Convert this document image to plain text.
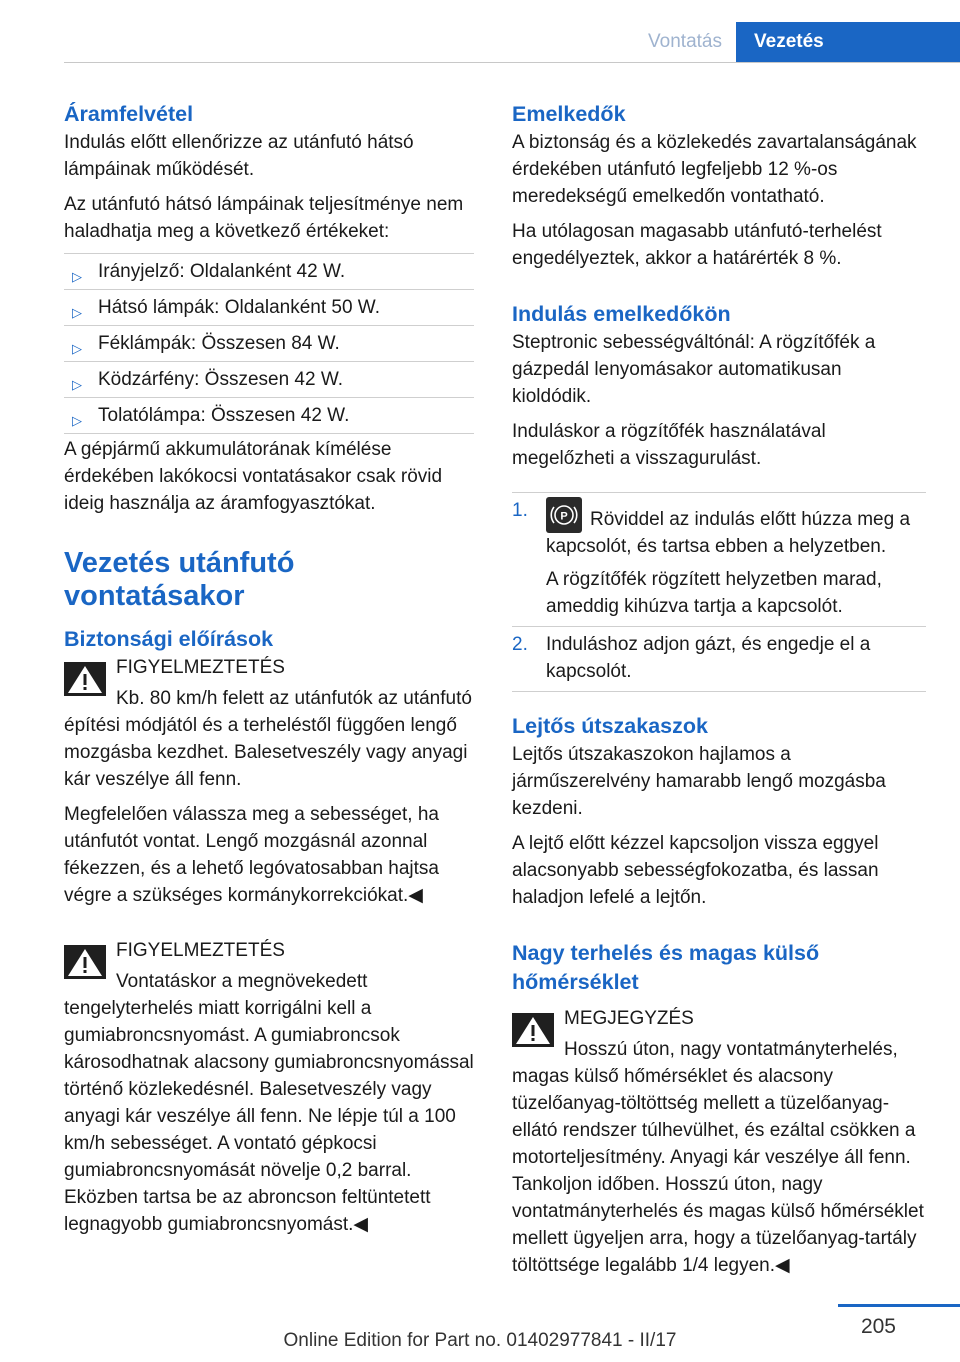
Vontatás	Vezetés
Áramfelvétel

Indulás előtt ellenőrizze az utánfutó hátsó lámpáinak működését.

Az utánfutó hátsó lámpáinak teljesítménye nem haladhatja meg a következő értékeket:

▷ Irányjelző: Oldalanként 42 W.
▷ Hátsó lámpák: Oldalanként 50 W.
▷ Féklámpák: Összesen 84 W.
▷ Ködzárfény: Összesen 42 W.
▷ Tolatólámpa: Összesen 42 W.

A gépjármű akkumulátorának kímélése érdekében lakókocsi vontatásakor csak rövid ideig használja az áramfogyasztókat.

Vezetés utánfutó vontatásakor
Biztonsági előírások

FIGYELMEZTETÉS

Kb. 80 km/h felett az utánfutók az utánfutó építési módjától és a terheléstől függően lengő mozgásba kezdhet. Balesetveszély vagy anyagi kár veszélye áll fenn.

Megfelelően válassza meg a sebességet, ha utánfutót vontat. Lengő mozgásnál azonnal fékezzen, és a lehető legóvatosabban hajtsa végre a szükséges kormánykorrekciókat.◀

FIGYELMEZTETÉS

Vontatáskor a megnövekedett tengelyterhelés miatt korrigálni kell a gumiabroncsnyomást. A gumiabroncsok károsodhatnak alacsony gumiabroncsnyomással történő közlekedésnél. Balesetveszély vagy anyagi kár veszélye áll fenn. Ne lépje túl a 100 km/h sebességet. A vontató gépkocsi gumiabroncsnyomását növelje 0,2 barral. Eközben tartsa be az abroncson feltüntetett legnagyobb gumiabroncsnyomást.◀

Emelkedők

A biztonság és a közlekedés zavartalanságának érdekében utánfutó legfeljebb 12 %-os meredekségű emelkedőn vontatható.

Ha utólagosan magasabb utánfutó-terhelést engedélyeztek, akkor a határérték 8 %.

Indulás emelkedőkön

Steptronic sebességváltónál: A rögzítőfék a gázpedál lenyomásakor automatikusan kioldódik.

Induláskor a rögzítőfék használatával megelőzheti a visszagurulást.

1.	P Röviddel az indulás előtt húzza meg a kapcsolót, és tartsa ebben a helyzetben.
A rögzítőfék rögzített helyzetben marad, ameddig kihúzva tartja a kapcsolót.
2. Induláshoz adjon gázt, és engedje el a kapcsolót.
Lejtős útszakaszok

Lejtős útszakaszokon hajlamos a járműszerelvény hamarabb lengő mozgásba kezdeni.

A lejtő előtt kézzel kapcsoljon vissza eggyel alacsonyabb sebességfokozatba, és lassan haladjon lefelé a lejtőn.

Nagy terhelés és magas külső hőmérséklet

MEGJEGYZÉS

Hosszú úton, nagy vontatmányterhelés, magas külső hőmérséklet és alacsony tüzelőanyag-töltöttség mellett a tüzelőanyag-ellátó rendszer túlhevülhet, és ezáltal csökken a motorteljesítmény. Anyagi kár veszélye áll fenn. Tankoljon időben. Hosszú úton, nagy vontatmányterhelés és magas külső hőmérséklet mellett ügyeljen arra, hogy a tüzelőanyag-tartály töltöttsége legalább 1/4 legyen.◀

205
Online Edition for Part no. 01402977841 - II/17
